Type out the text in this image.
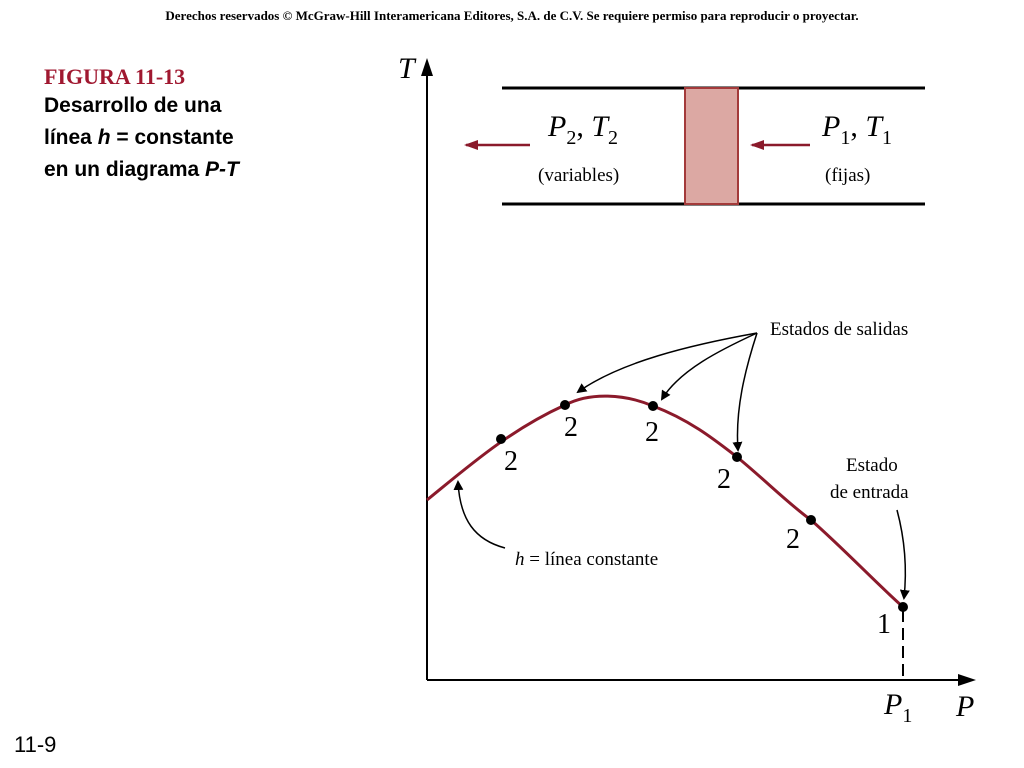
Derechos reservados © McGraw-Hill Interamericana Editores, S.A. de C.V. Se requiere permiso para reproducir o proyectar.
FIGURA 11-13
Desarrollo de una
línea h = constante
en un diagrama P-T
11-9
T
P
$P_1$
$P_2$, $T_2$
(variables)
$P_1$, $T_1$
(fijas)
2
2 2
2
2
1
Estados de salidas
Estado
de entrada
h = línea constante
